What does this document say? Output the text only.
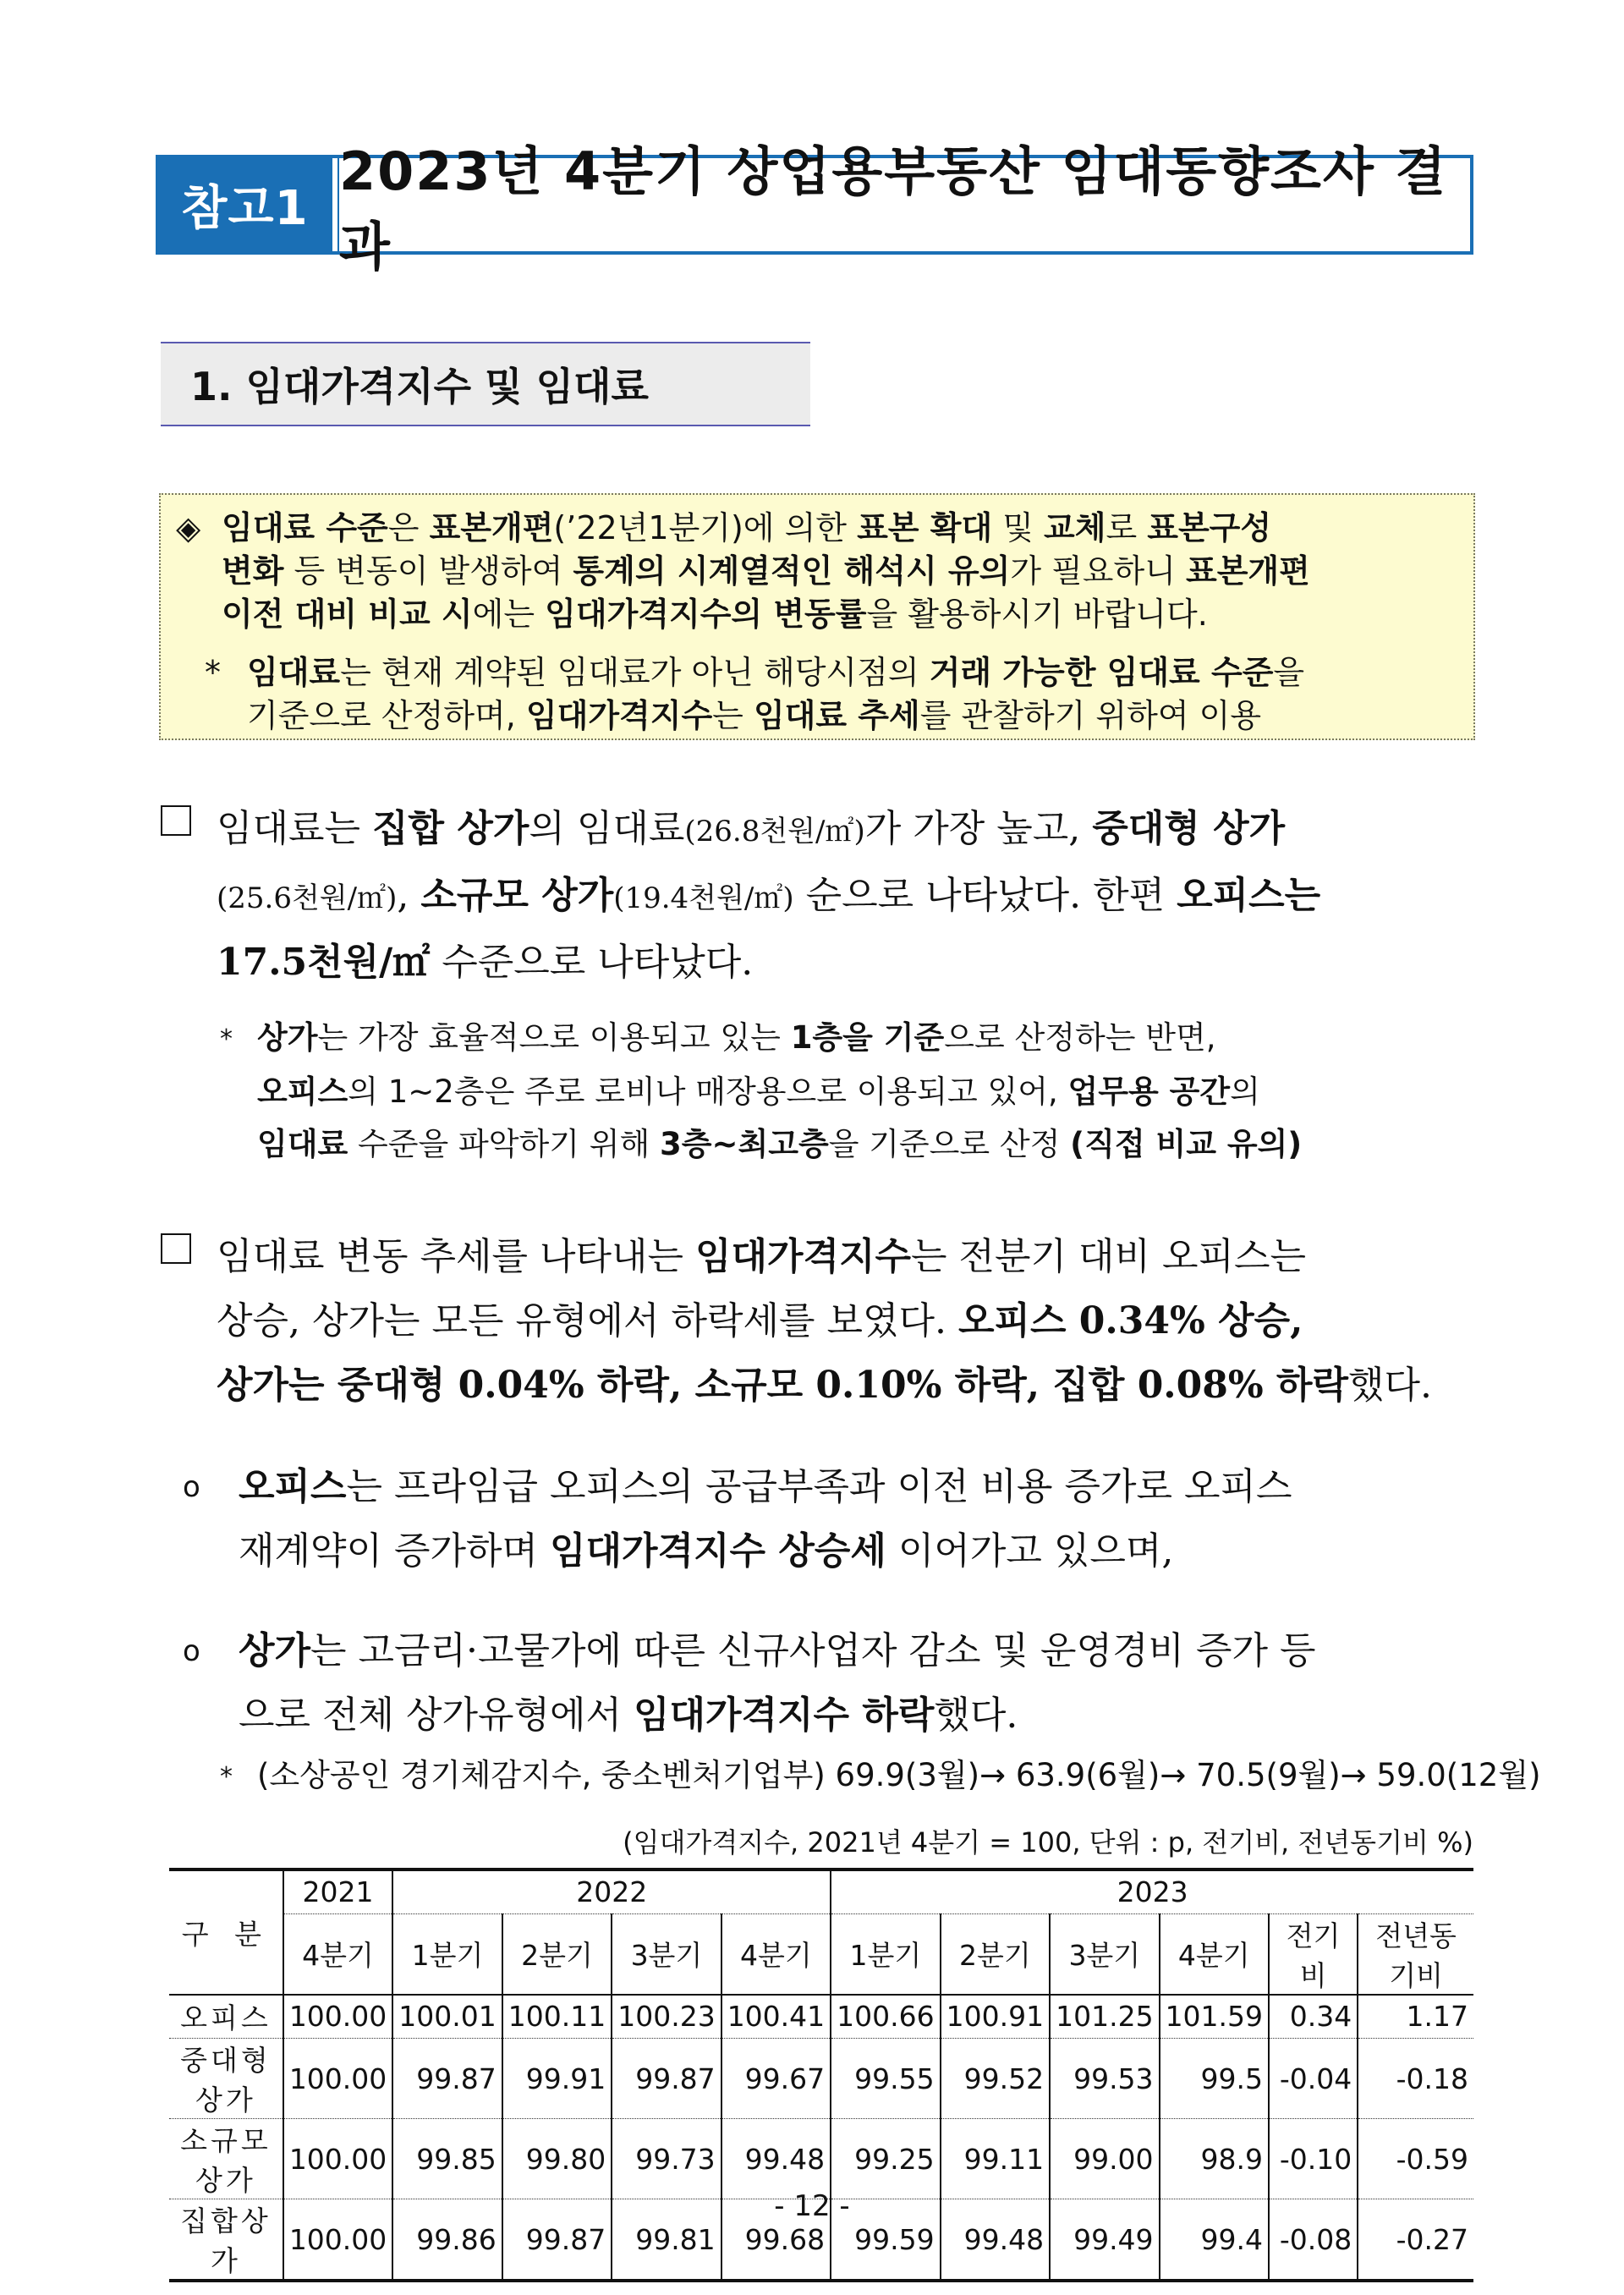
참고1
2023년 4분기 상업용부동산 임대동향조사 결과
1. 임대가격지수 및 임대료
◈ 임대료 수준은 표본개편(’22년1분기)에 의한 표본 확대 및 교체로 표본구성
변화 등 변동이 발생하여 통계의 시계열적인 해석시 유의가 필요하니 표본개편
이전 대비 비교 시에는 임대가격지수의 변동률을 활용하시기 바랍니다.
* 임대료는 현재 계약된 임대료가 아닌 해당시점의 거래 가능한 임대료 수준을
기준으로 산정하며, 임대가격지수는 임대료 추세를 관찰하기 위하여 이용
임대료는 집합 상가의 임대료(26.8천원/㎡)가 가장 높고, 중대형 상가
(25.6천원/㎡), 소규모 상가(19.4천원/㎡) 순으로 나타났다. 한편 오피스는
17.5천원/㎡ 수준으로 나타났다.
* 상가는 가장 효율적으로 이용되고 있는 1층을 기준으로 산정하는 반면,
오피스의 1~2층은 주로 로비나 매장용으로 이용되고 있어, 업무용 공간의
임대료 수준을 파악하기 위해 3층~최고층을 기준으로 산정 (직접 비교 유의)
임대료 변동 추세를 나타내는 임대가격지수는 전분기 대비 오피스는
상승, 상가는 모든 유형에서 하락세를 보였다. 오피스 0.34% 상승,
상가는 중대형 0.04% 하락, 소규모 0.10% 하락, 집합 0.08% 하락했다.
o 오피스는 프라임급 오피스의 공급부족과 이전 비용 증가로 오피스
재계약이 증가하며 임대가격지수 상승세 이어가고 있으며,
o 상가는 고금리·고물가에 따른 신규사업자 감소 및 운영경비 증가 등
으로 전체 상가유형에서 임대가격지수 하락했다.
* (소상공인 경기체감지수, 중소벤처기업부) 69.9(3월)→ 63.9(6월)→ 70.5(9월)→ 59.0(12월)
(임대가격지수, 2021년 4분기 = 100, 단위 : p, 전기비, 전년동기비 %)
구 분	2021	2022				2023					
	4분기	1분기	2분기	3분기	4분기	1분기	2분기	3분기	4분기	전기비	전년동기비
오피스	100.00	100.01	100.11	100.23	100.41	100.66	100.91	101.25	101.59	0.34	1.17
중대형상가	100.00	99.87	99.91	99.87	99.67	99.55	99.52	99.53	99.5	-0.04	-0.18
소규모상가	100.00	99.85	99.80	99.73	99.48	99.25	99.11	99.00	98.9	-0.10	-0.59
집합상가	100.00	99.86	99.87	99.81	99.68	99.59	99.48	99.49	99.4	-0.08	-0.27
- 12 -
